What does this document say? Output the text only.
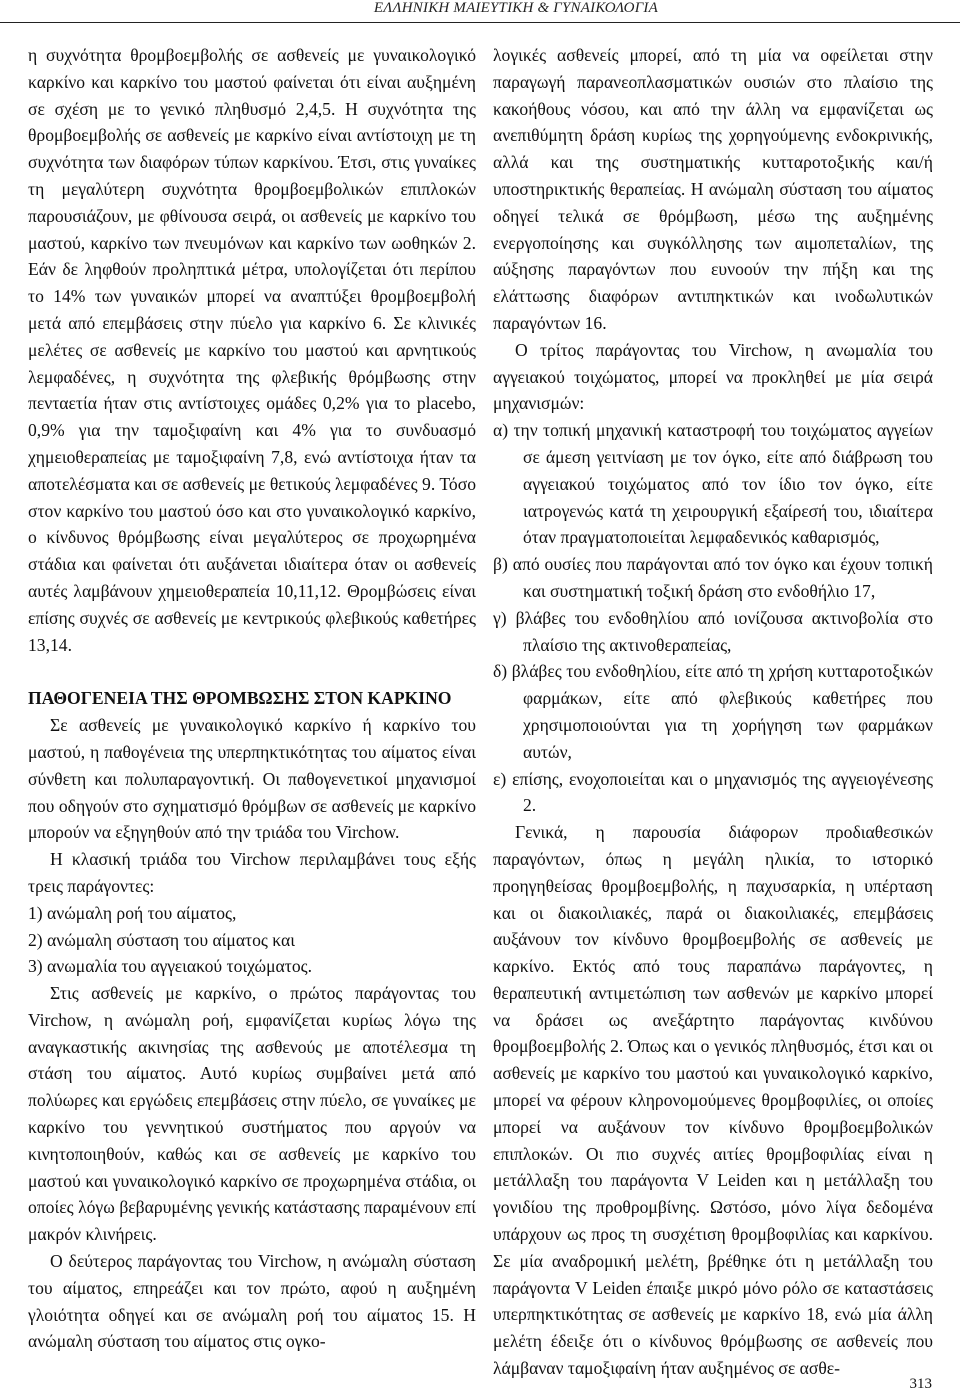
ΕΛΛΗΝΙΚΗ ΜΑΙΕΥΤΙΚΗ & ΓΥΝΑΙΚΟΛΟΓΙΑ

η συχνότητα θρομβοεμβολής σε ασθενείς με γυναικολογικό καρκίνο και καρκίνο του μαστού φαίνεται ότι είναι αυξημένη σε σχέση με το γενικό πληθυσμό 2,4,5. Η συχνότητα της θρομβοεμβολής σε ασθενείς με καρκίνο είναι αντίστοιχη με τη συχνότητα των διαφόρων τύπων καρκίνου. Έτσι, στις γυναίκες τη μεγαλύτερη συχνότητα θρομβοεμβολικών επιπλοκών παρουσιάζουν, με φθίνουσα σειρά, οι ασθενείς με καρκίνο του μαστού, καρκίνο των πνευμόνων και καρκίνο των ωοθηκών 2. Εάν δε ληφθούν προληπτικά μέτρα, υπολογίζεται ότι περίπου το 14% των γυναικών μπορεί να αναπτύξει θρομβοεμβολή μετά από επεμβάσεις στην πύελο για καρκίνο 6. Σε κλινικές μελέτες σε ασθενείς με καρκίνο του μαστού και αρνητικούς λεμφαδένες, η συχνότητα της φλεβικής θρόμβωσης στην πενταετία ήταν στις αντίστοιχες ομάδες 0,2% για το placebo, 0,9% για την ταμοξιφαίνη και 4% για το συνδυασμό χημειοθεραπείας με ταμοξιφαίνη 7,8, ενώ αντίστοιχα ήταν τα αποτελέσματα και σε ασθενείς με θετικούς λεμφαδένες 9. Τόσο στον καρκίνο του μαστού όσο και στο γυναικολογικό καρκίνο, ο κίνδυνος θρόμβωσης είναι μεγαλύτερος σε προχωρημένα στάδια και φαίνεται ότι αυξάνεται ιδιαίτερα όταν οι ασθενείς αυτές λαμβάνουν χημειοθεραπεία 10,11,12. Θρομβώσεις είναι επίσης συχνές σε ασθενείς με κεντρικούς φλεβικούς καθετήρες 13,14.

ΠΑΘΟΓΕΝΕΙΑ ΤΗΣ ΘΡΟΜΒΩΣΗΣ ΣΤΟΝ ΚΑΡΚΙΝΟ

Σε ασθενείς με γυναικολογικό καρκίνο ή καρκίνο του μαστού, η παθογένεια της υπερπηκτικότητας του αίματος είναι σύνθετη και πολυπαραγοντική. Οι παθογενετικοί μηχανισμοί που οδηγούν στο σχηματισμό θρόμβων σε ασθενείς με καρκίνο μπορούν να εξηγηθούν από την τριάδα του Virchow.

Η κλασική τριάδα του Virchow περιλαμβάνει τους εξής τρεις παράγοντες:

1) ανώμαλη ροή του αίματος,

2) ανώμαλη σύσταση του αίματος και

3) ανωμαλία του αγγειακού τοιχώματος.

Στις ασθενείς με καρκίνο, ο πρώτος παράγοντας του Virchow, η ανώμαλη ροή, εμφανίζεται κυρίως λόγω της αναγκαστικής ακινησίας της ασθενούς με αποτέλεσμα τη στάση του αίματος. Αυτό κυρίως συμβαίνει μετά από πολύωρες και εργώδεις επεμβάσεις στην πύελο, σε γυναίκες με καρκίνο του γεννητικού συστήματος που αργούν να κινητοποιηθούν, καθώς και σε ασθενείς με καρκίνο του μαστού και γυναικολογικό καρκίνο σε προχωρημένα στάδια, οι οποίες λόγω βεβαρυμένης γενικής κατάστασης παραμένουν επί μακρόν κλινήρεις.

Ο δεύτερος παράγοντας του Virchow, η ανώμαλη σύσταση του αίματος, επηρεάζει και τον πρώτο, αφού η αυξημένη γλοιότητα οδηγεί και σε ανώμαλη ροή του αίματος 15. Η ανώμαλη σύσταση του αίματος στις ογκο-

λογικές ασθενείς μπορεί, από τη μία να οφείλεται στην παραγωγή παρανεοπλασματικών ουσιών στο πλαίσιο της κακοήθους νόσου, και από την άλλη να εμφανίζεται ως ανεπιθύμητη δράση κυρίως της χορηγούμενης ενδοκρινικής, αλλά και της συστηματικής κυτταροτοξικής και/ή υποστηρικτικής θεραπείας. Η ανώμαλη σύσταση του αίματος οδηγεί τελικά σε θρόμβωση, μέσω της αυξημένης ενεργοποίησης και συγκόλλησης των αιμοπεταλίων, της αύξησης παραγόντων που ευνοούν την πήξη και της ελάττωσης διαφόρων αντιπηκτικών και ινοδωλυτικών παραγόντων 16.

Ο τρίτος παράγοντας του Virchow, η ανωμαλία του αγγειακού τοιχώματος, μπορεί να προκληθεί με μία σειρά μηχανισμών:

α) την τοπική μηχανική καταστροφή του τοιχώματος αγγείων σε άμεση γειτνίαση με τον όγκο, είτε από διάβρωση του αγγειακού τοιχώματος από τον ίδιο τον όγκο, είτε ιατρογενώς κατά τη χειρουργική εξαίρεσή του, ιδιαίτερα όταν πραγματοποιείται λεμφαδενικός καθαρισμός,

β) από ουσίες που παράγονται από τον όγκο και έχουν τοπική και συστηματική τοξική δράση στο ενδοθήλιο 17,

γ) βλάβες του ενδοθηλίου από ιονίζουσα ακτινοβολία στο πλαίσιο της ακτινοθεραπείας,

δ) βλάβες του ενδοθηλίου, είτε από τη χρήση κυτταροτοξικών φαρμάκων, είτε από φλεβικούς καθετήρες που χρησιμοποιούνται για τη χορήγηση των φαρμάκων αυτών,

ε) επίσης, ενοχοποιείται και ο μηχανισμός της αγγειογένεσης 2.

Γενικά, η παρουσία διάφορων προδιαθεσικών παραγόντων, όπως η μεγάλη ηλικία, το ιστορικό προηγηθείσας θρομβοεμβολής, η παχυσαρκία, η υπέρταση και οι διακοιλιακές, παρά οι διακοιλιακές, επεμβάσεις αυξάνουν τον κίνδυνο θρομβοεμβολής σε ασθενείς με καρκίνο. Εκτός από τους παραπάνω παράγοντες, η θεραπευτική αντιμετώπιση των ασθενών με καρκίνο μπορεί να δράσει ως ανεξάρτητο παράγοντας κινδύνου θρομβοεμβολής 2. Όπως και ο γενικός πληθυσμός, έτσι και οι ασθενείς με καρκίνο του μαστού και γυναικολογικό καρκίνο, μπορεί να φέρουν κληρονομούμενες θρομβοφιλίες, οι οποίες μπορεί να αυξάνουν τον κίνδυνο θρομβοεμβολικών επιπλοκών. Οι πιο συχνές αιτίες θρομβοφιλίας είναι η μετάλλαξη του παράγοντα V Leiden και η μετάλλαξη του γονιδίου της προθρομβίνης. Ωστόσο, μόνο λίγα δεδομένα υπάρχουν ως προς τη συσχέτιση θρομβοφιλίας και καρκίνου. Σε μία αναδρομική μελέτη, βρέθηκε ότι η μετάλλαξη του παράγοντα V Leiden έπαιξε μικρό μόνο ρόλο σε καταστάσεις υπερπηκτικότητας σε ασθενείς με καρκίνο 18, ενώ μία άλλη μελέτη έδειξε ότι ο κίνδυνος θρόμβωσης σε ασθενείς που λάμβαναν ταμοξιφαίνη ήταν αυξημένος σε ασθε-

313
